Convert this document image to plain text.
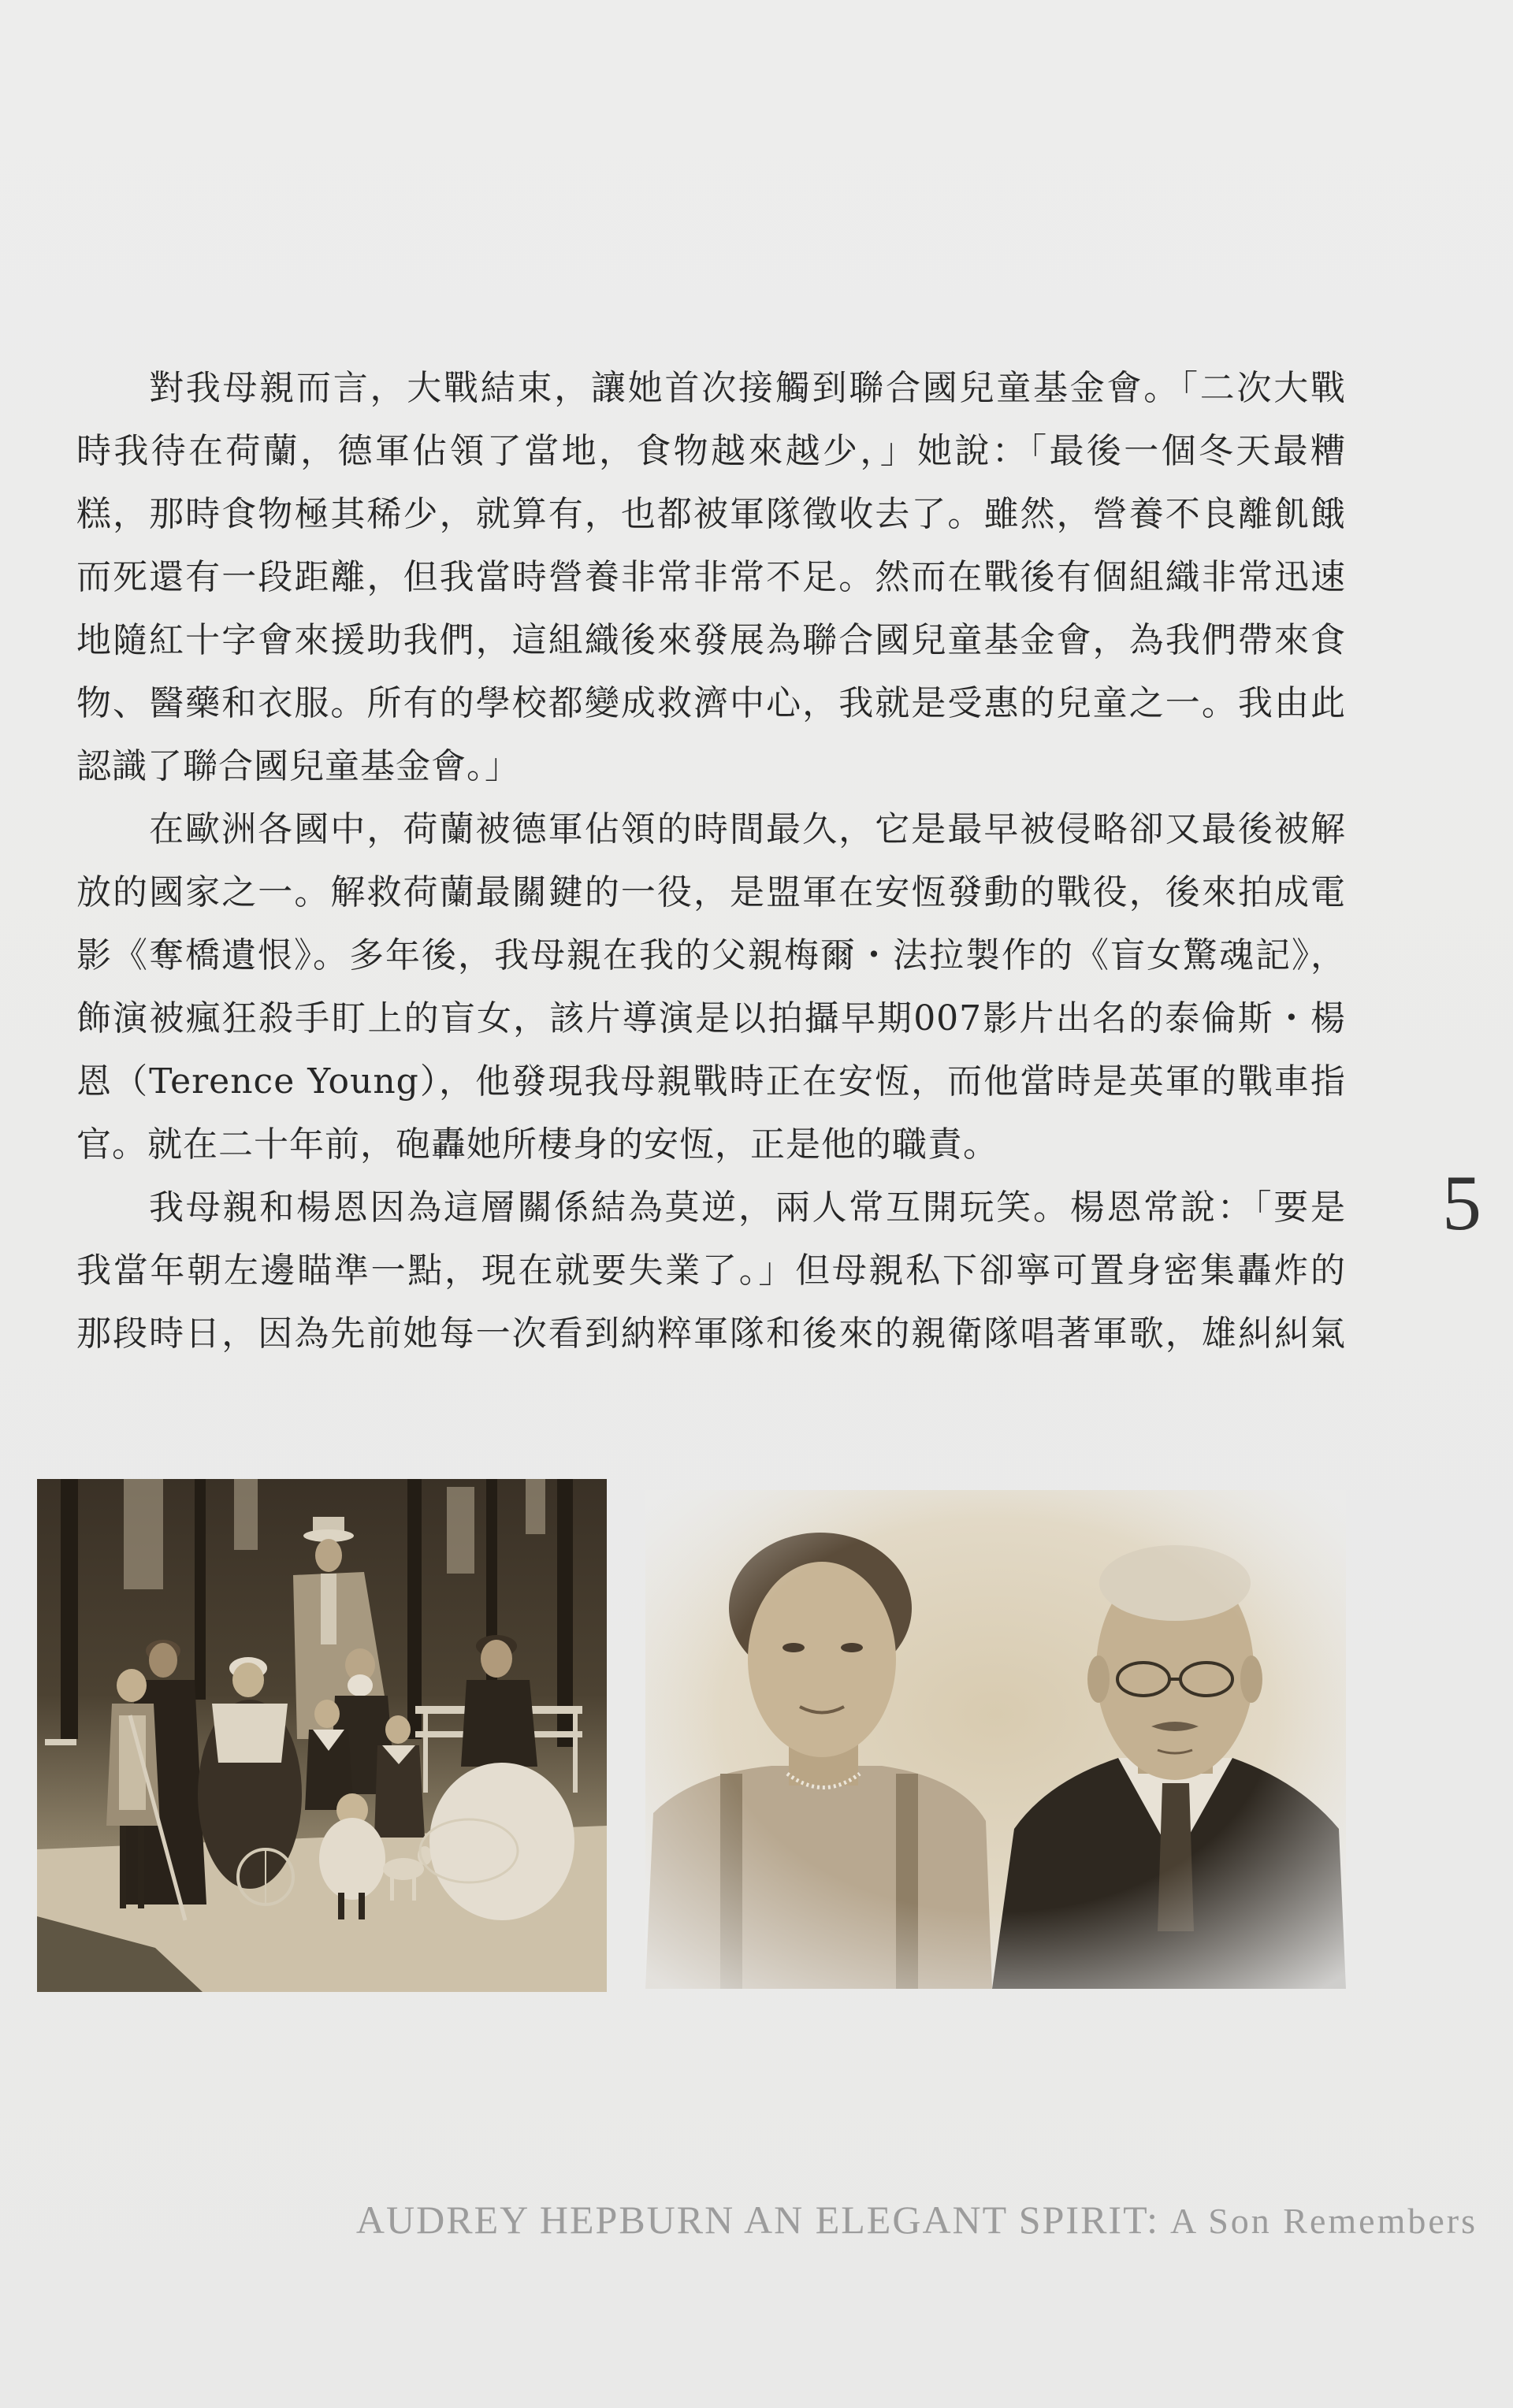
對我母親而言，大戰結束，讓她首次接觸到聯合國兒童基金會。「二次大戰
時我待在荷蘭，德軍佔領了當地，食物越來越少，」她說：「最後一個冬天最糟
糕，那時食物極其稀少，就算有，也都被軍隊徵收去了。雖然，營養不良離飢餓
而死還有一段距離，但我當時營養非常非常不足。然而在戰後有個組織非常迅速
地隨紅十字會來援助我們，這組織後來發展為聯合國兒童基金會，為我們帶來食
物、醫藥和衣服。所有的學校都變成救濟中心，我就是受惠的兒童之一。我由此
認識了聯合國兒童基金會。」
在歐洲各國中，荷蘭被德軍佔領的時間最久，它是最早被侵略卻又最後被解
放的國家之一。解救荷蘭最關鍵的一役，是盟軍在安恆發動的戰役，後來拍成電
影《奪橋遺恨》。多年後，我母親在我的父親梅爾・法拉製作的《盲女驚魂記》，
飾演被瘋狂殺手盯上的盲女，該片導演是以拍攝早期007影片出名的泰倫斯・楊
恩（Terence Young），他發現我母親戰時正在安恆，而他當時是英軍的戰車指
官。就在二十年前，砲轟她所棲身的安恆，正是他的職責。
我母親和楊恩因為這層關係結為莫逆，兩人常互開玩笑。楊恩常說：「要是
我當年朝左邊瞄準一點，現在就要失業了。」但母親私下卻寧可置身密集轟炸的
那段時日，因為先前她每一次看到納粹軍隊和後來的親衛隊唱著軍歌，雄糾糾氣
5
AUDREY HEPBURN AN ELEGANT SPIRIT: A Son Remembers
